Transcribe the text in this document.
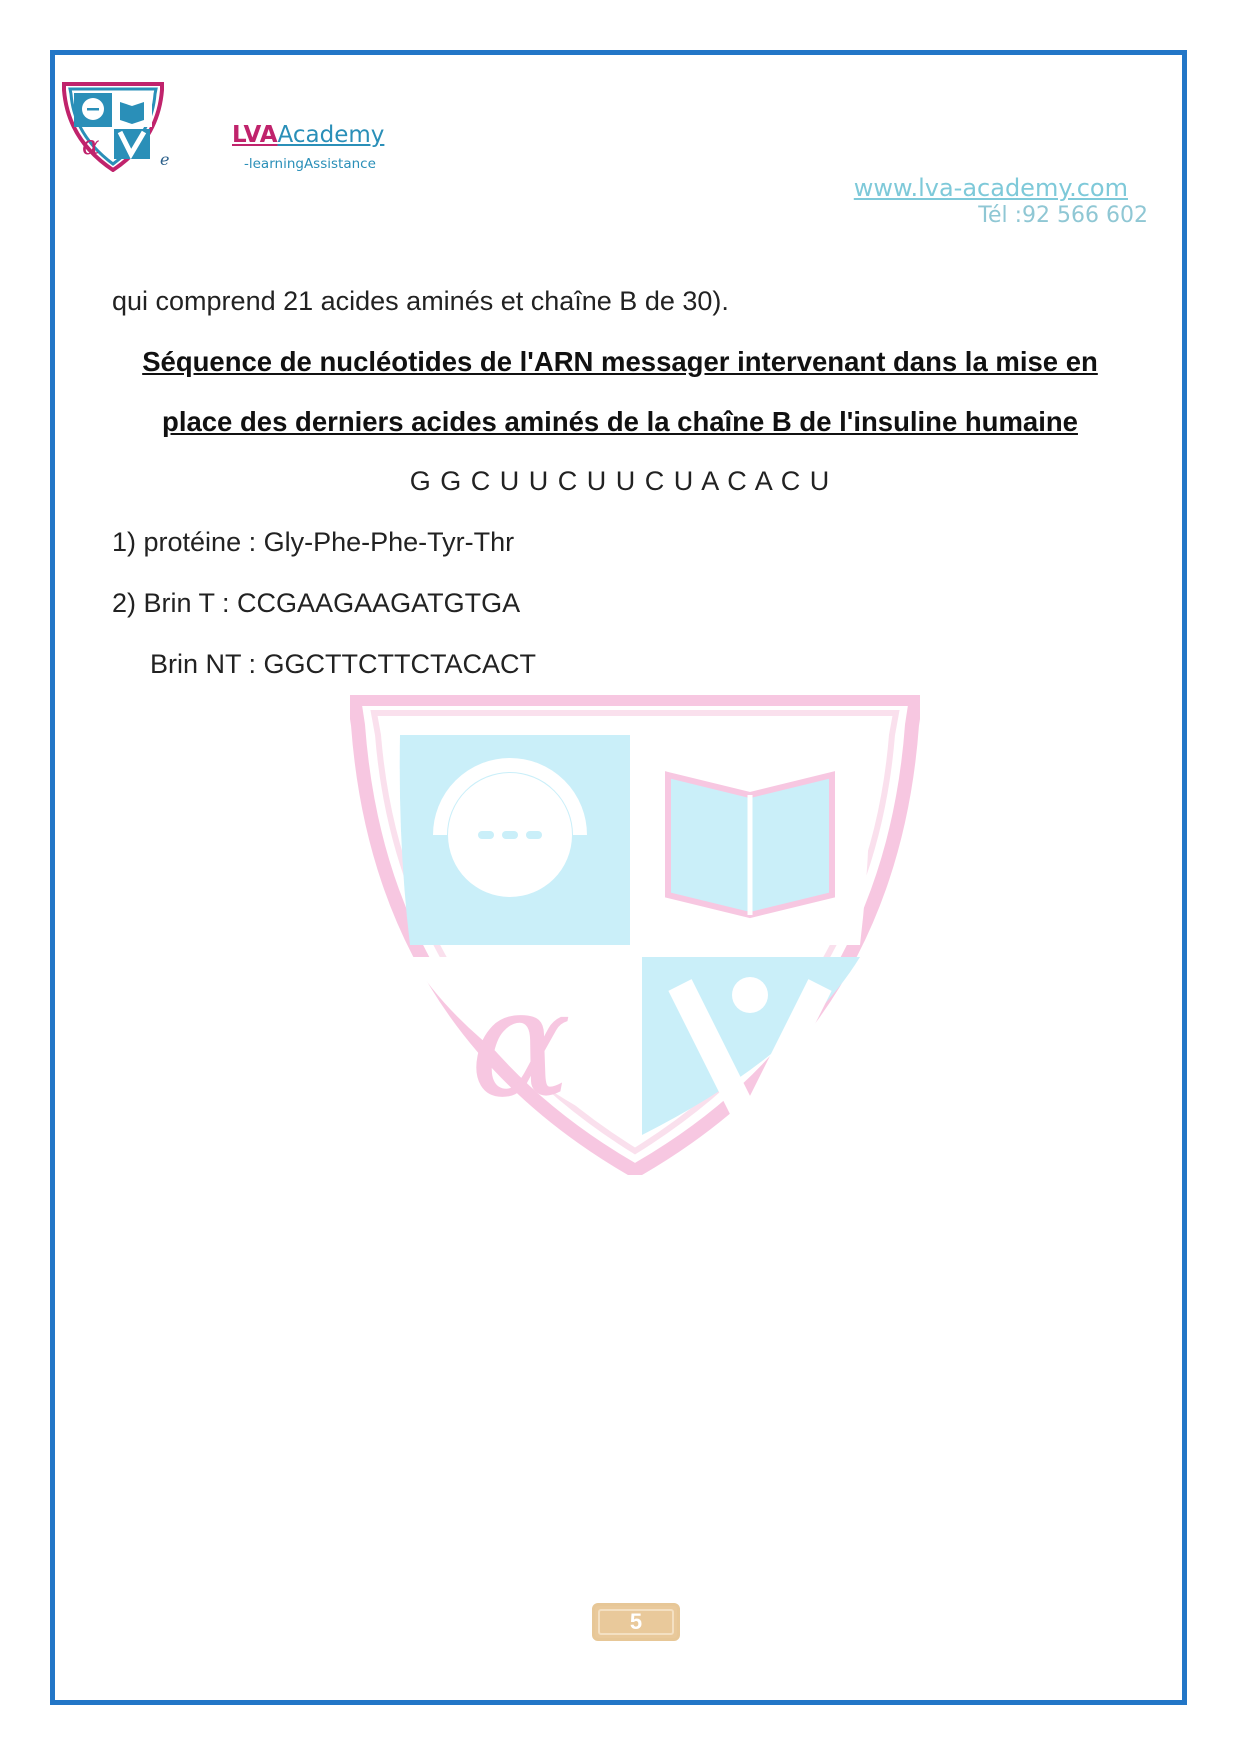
α	e
LVAAcademy
-learningAssistance
www.lva-academy.com
Tél :92 566 602
α
qui comprend 21 acides aminés et chaîne B de 30).
Séquence de nucléotides de l'ARN messager intervenant dans la mise en
place des derniers acides aminés de la chaîne B de l'insuline humaine
G G C U U C U U C U A C A C U
1) protéine : Gly-Phe-Phe-Tyr-Thr
2) Brin T : CCGAAGAAGATGTGA
Brin NT : GGCTTCTTCTACACT
5
